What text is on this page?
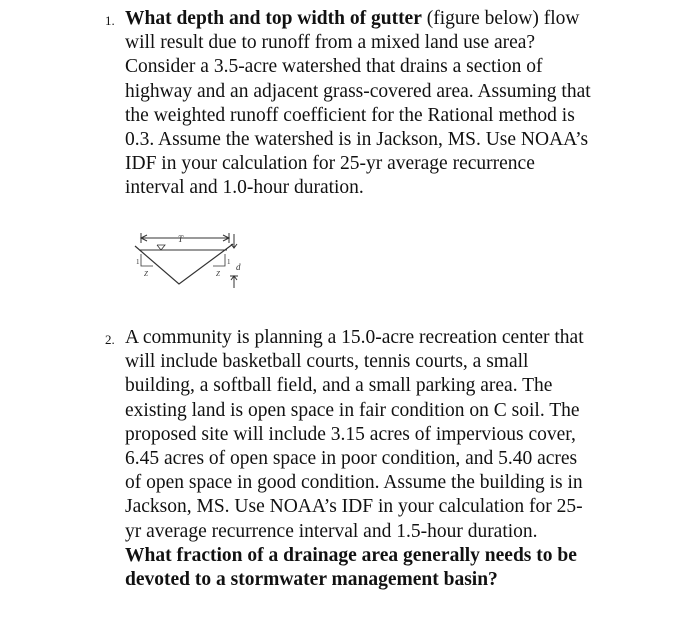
1. What depth and top width of gutter (figure below) flow
will result due to runoff from a mixed land use area?
Consider a 3.5-acre watershed that drains a section of
highway and an adjacent grass-covered area. Assuming that
the weighted runoff coefficient for the Rational method is
0.3. Assume the watershed is in Jackson, MS. Use NOAA’s
IDF in your calculation for 25-yr average recurrence
interval and 1.0-hour duration.
T
d
1
Z
1
Z
2. A community is planning a 15.0-acre recreation center that
will include basketball courts, tennis courts, a small
building, a softball field, and a small parking area. The
existing land is open space in fair condition on C soil. The
proposed site will include 3.15 acres of impervious cover,
6.45 acres of open space in poor condition, and 5.40 acres
of open space in good condition. Assume the building is in
Jackson, MS. Use NOAA’s IDF in your calculation for 25-
yr average recurrence interval and 1.5-hour duration.
What fraction of a drainage area generally needs to be
devoted to a stormwater management basin?
